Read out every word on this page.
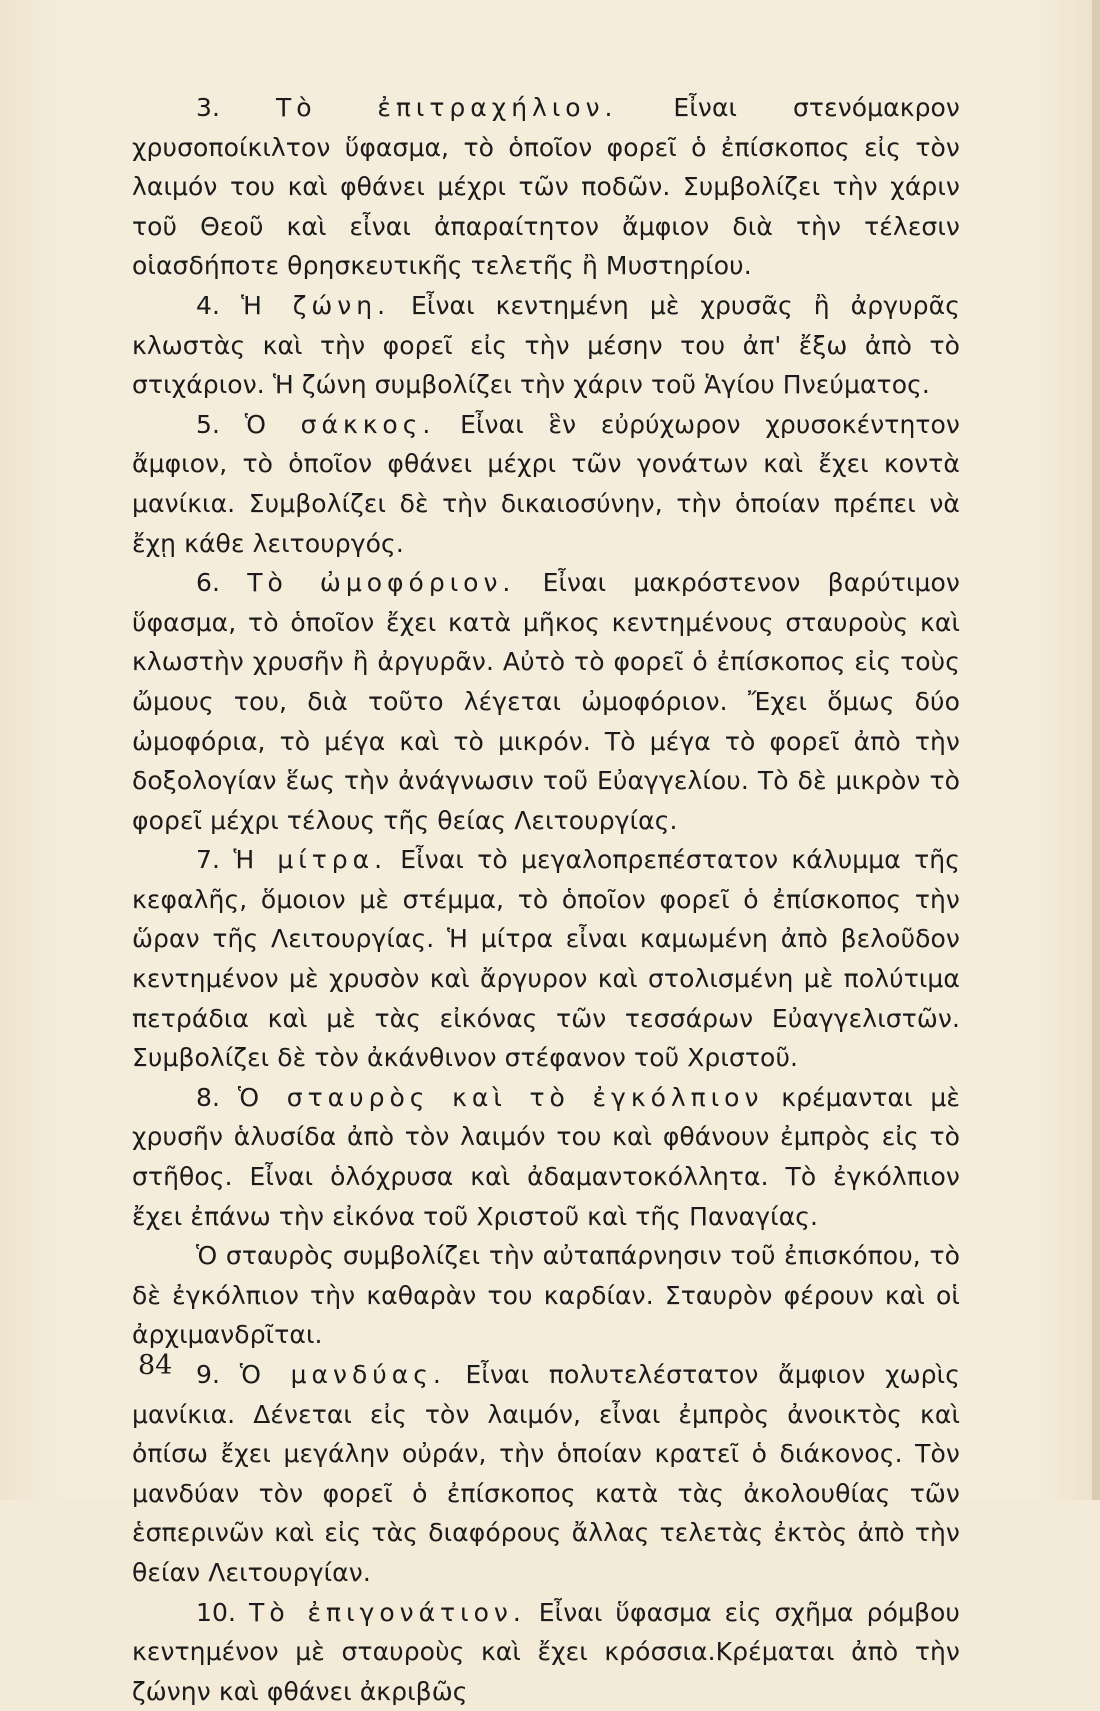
3. Τὸ ἐπιτραχήλιον. Εἶναι στενόμακρον χρυσοποίκιλτον ὕφασμα, τὸ ὁποῖον φορεῖ ὁ ἐπίσκοπος εἰς τὸν λαιμόν του καὶ φθάνει μέχρι τῶν ποδῶν. Συμβολίζει τὴν χάριν τοῦ Θεοῦ καὶ εἶναι ἀπαραίτητον ἄμφιον διὰ τὴν τέλεσιν οἱασδήποτε θρησκευτικῆς τελετῆς ἢ Μυστηρίου.

4. Ἡ ζώνη. Εἶναι κεντημένη μὲ χρυσᾶς ἢ ἀργυρᾶς κλωστὰς καὶ τὴν φορεῖ εἰς τὴν μέσην του ἀπ' ἔξω ἀπὸ τὸ στιχάριον. Ἡ ζώνη συμβολίζει τὴν χάριν τοῦ Ἁγίου Πνεύματος.

5. Ὁ σάκκος. Εἶναι ἓν εὐρύχωρον χρυσοκέντητον ἄμφιον, τὸ ὁποῖον φθάνει μέχρι τῶν γονάτων καὶ ἔχει κοντὰ μανίκια. Συμβολίζει δὲ τὴν δικαιοσύνην, τὴν ὁποίαν πρέπει νὰ ἔχῃ κάθε λειτουργός.

6. Τὸ ὠμοφόριον. Εἶναι μακρόστενον βαρύτιμον ὕφασμα, τὸ ὁποῖον ἔχει κατὰ μῆκος κεντημένους σταυροὺς καὶ κλωστὴν χρυσῆν ἢ ἀργυρᾶν. Αὐτὸ τὸ φορεῖ ὁ ἐπίσκοπος εἰς τοὺς ὤμους του, διὰ τοῦτο λέγεται ὠμοφόριον. Ἔχει ὅμως δύο ὠμοφόρια, τὸ μέγα καὶ τὸ μικρόν. Τὸ μέγα τὸ φορεῖ ἀπὸ τὴν δοξολογίαν ἕως τὴν ἀνάγνωσιν τοῦ Εὐαγγελίου. Τὸ δὲ μικρὸν τὸ φορεῖ μέχρι τέλους τῆς θείας Λειτουργίας.

7. Ἡ μίτρα. Εἶναι τὸ μεγαλοπρεπέστατον κάλυμμα τῆς κεφαλῆς, ὅμοιον μὲ στέμμα, τὸ ὁποῖον φορεῖ ὁ ἐπίσκοπος τὴν ὥραν τῆς Λειτουργίας. Ἡ μίτρα εἶναι καμωμένη ἀπὸ βελοῦδον κεντημένον μὲ χρυσὸν καὶ ἄργυρον καὶ στολισμένη μὲ πολύτιμα πετράδια καὶ μὲ τὰς εἰκόνας τῶν τεσσάρων Εὐαγγελιστῶν. Συμβολίζει δὲ τὸν ἀκάνθινον στέφανον τοῦ Χριστοῦ.

8. Ὁ σταυρὸς καὶ τὸ ἐγκόλπιον κρέμανται μὲ χρυσῆν ἁλυσίδα ἀπὸ τὸν λαιμόν του καὶ φθάνουν ἐμπρὸς εἰς τὸ στῆθος. Εἶναι ὁλόχρυσα καὶ ἀδαμαντοκόλλητα. Τὸ ἐγκόλπιον ἔχει ἐπάνω τὴν εἰκόνα τοῦ Χριστοῦ καὶ τῆς Παναγίας.

Ὁ σταυρὸς συμβολίζει τὴν αὐταπάρνησιν τοῦ ἐπισκόπου, τὸ δὲ ἐγκόλπιον τὴν καθαρὰν του καρδίαν. Σταυρὸν φέρουν καὶ οἱ ἀρχιμανδρῖται.

9. Ὁ μανδύας. Εἶναι πολυτελέστατον ἄμφιον χωρὶς μανίκια. Δένεται εἰς τὸν λαιμόν, εἶναι ἐμπρὸς ἀνοικτὸς καὶ ὀπίσω ἔχει μεγάλην οὐράν, τὴν ὁποίαν κρατεῖ ὁ διάκονος. Τὸν μανδύαν τὸν φορεῖ ὁ ἐπίσκοπος κατὰ τὰς ἀκολουθίας τῶν ἑσπερινῶν καὶ εἰς τὰς διαφόρους ἄλλας τελετὰς ἐκτὸς ἀπὸ τὴν θείαν Λειτουργίαν.

10. Τὸ ἐπιγονάτιον. Εἶναι ὕφασμα εἰς σχῆμα ρόμβου κεντημένον μὲ σταυροὺς καὶ ἔχει κρόσσια.Κρέμαται ἀπὸ τὴν ζώνην καὶ φθάνει ἀκριβῶς

84
